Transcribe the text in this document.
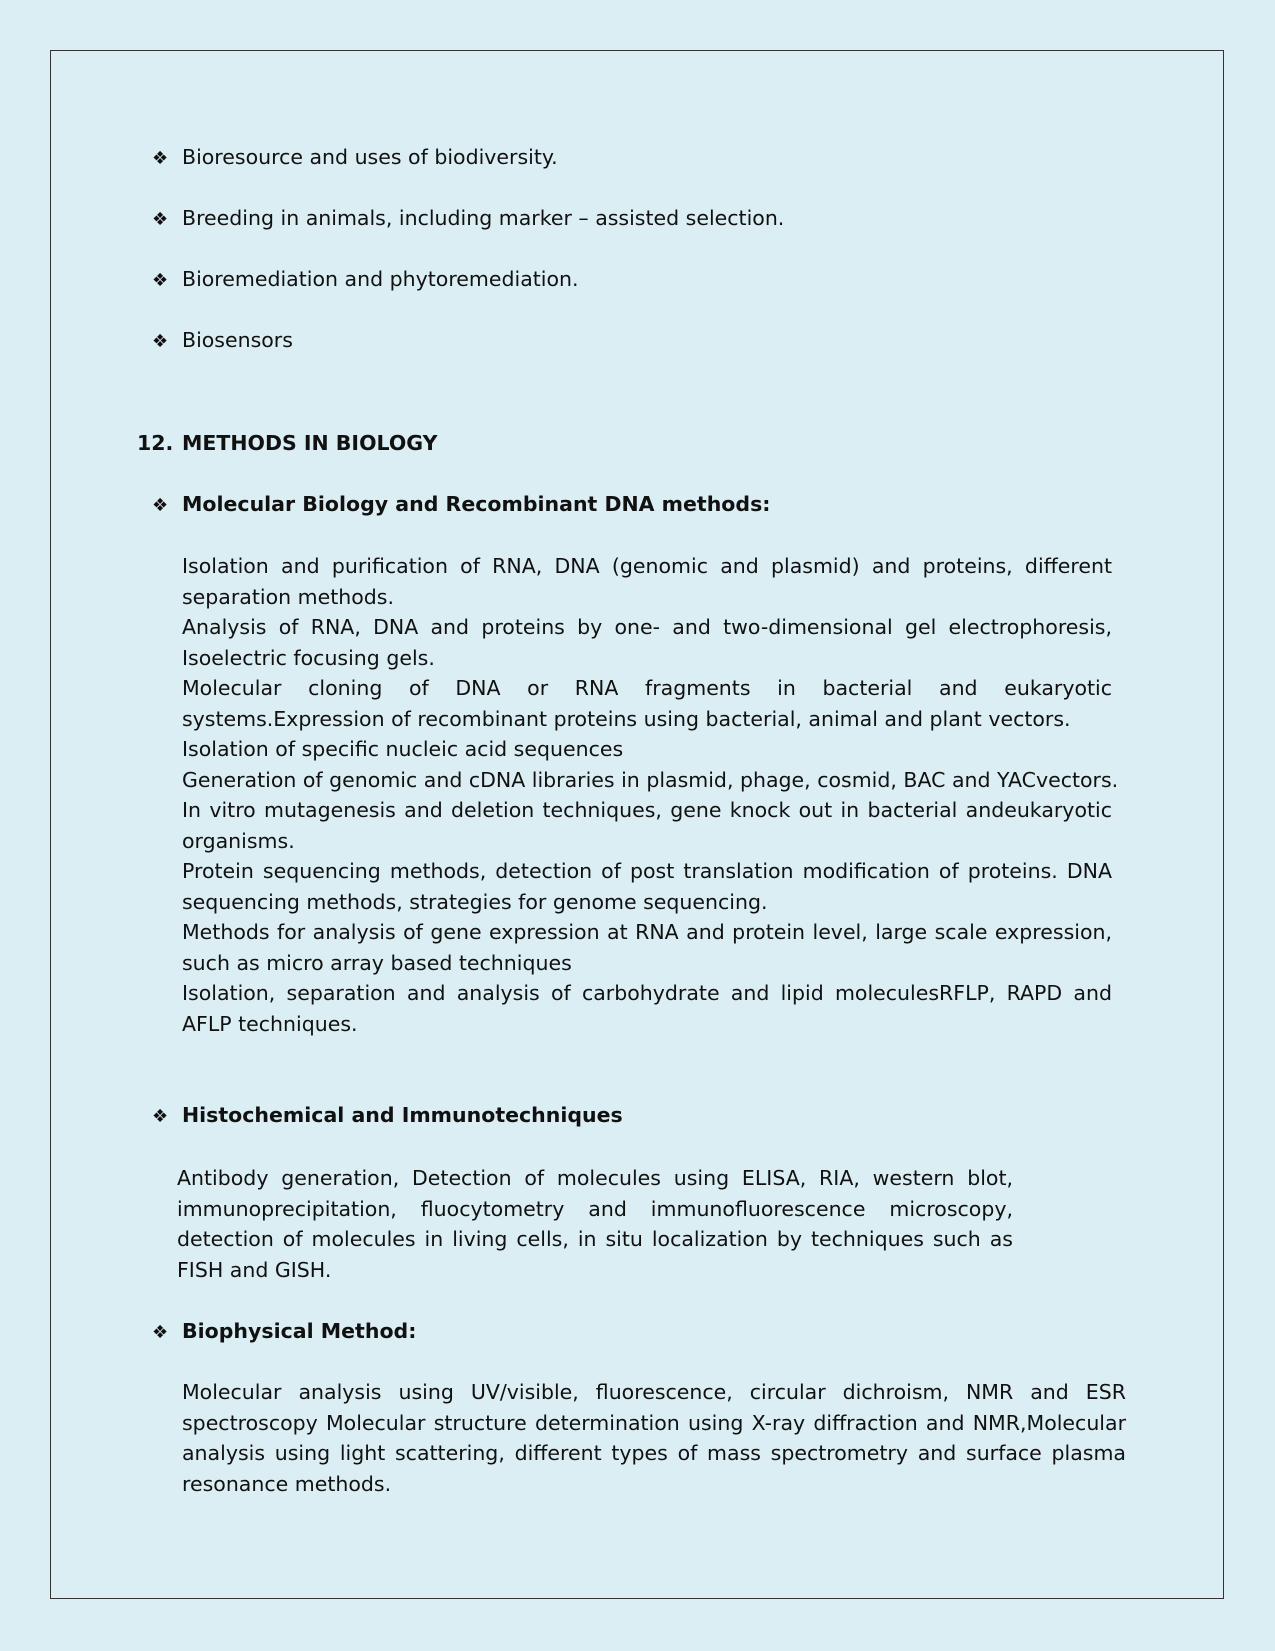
❖ Bioresource and uses of biodiversity.
❖ Breeding in animals, including marker – assisted selection.
❖ Bioremediation and phytoremediation.
❖ Biosensors
12. METHODS IN BIOLOGY
❖ Molecular Biology and Recombinant DNA methods:

Isolation and purification of RNA, DNA (genomic and plasmid) and proteins, different separation methods.

Analysis of RNA, DNA and proteins by one- and two-dimensional gel electrophoresis, Isoelectric focusing gels.

Molecular cloning of DNA or RNA fragments in bacterial and eukaryotic systems.Expression of recombinant proteins using bacterial, animal and plant vectors.

Isolation of specific nucleic acid sequences

Generation of genomic and cDNA libraries in plasmid, phage, cosmid, BAC and YACvectors.

In vitro mutagenesis and deletion techniques, gene knock out in bacterial andeukaryotic organisms.

Protein sequencing methods, detection of post translation modification of proteins. DNA sequencing methods, strategies for genome sequencing.

Methods for analysis of gene expression at RNA and protein level, large scale expression, such as micro array based techniques

Isolation, separation and analysis of carbohydrate and lipid moleculesRFLP, RAPD and AFLP techniques.

❖ Histochemical and Immunotechniques

Antibody generation, Detection of molecules using ELISA, RIA, western blot, immunoprecipitation, fluocytometry and immunofluorescence microscopy, detection of molecules in living cells, in situ localization by techniques such as FISH and GISH.

❖ Biophysical Method:

Molecular analysis using UV/visible, fluorescence, circular dichroism, NMR and ESR spectroscopy Molecular structure determination using X-ray diffraction and NMR,Molecular analysis using light scattering, different types of mass spectrometry and surface plasma resonance methods.
